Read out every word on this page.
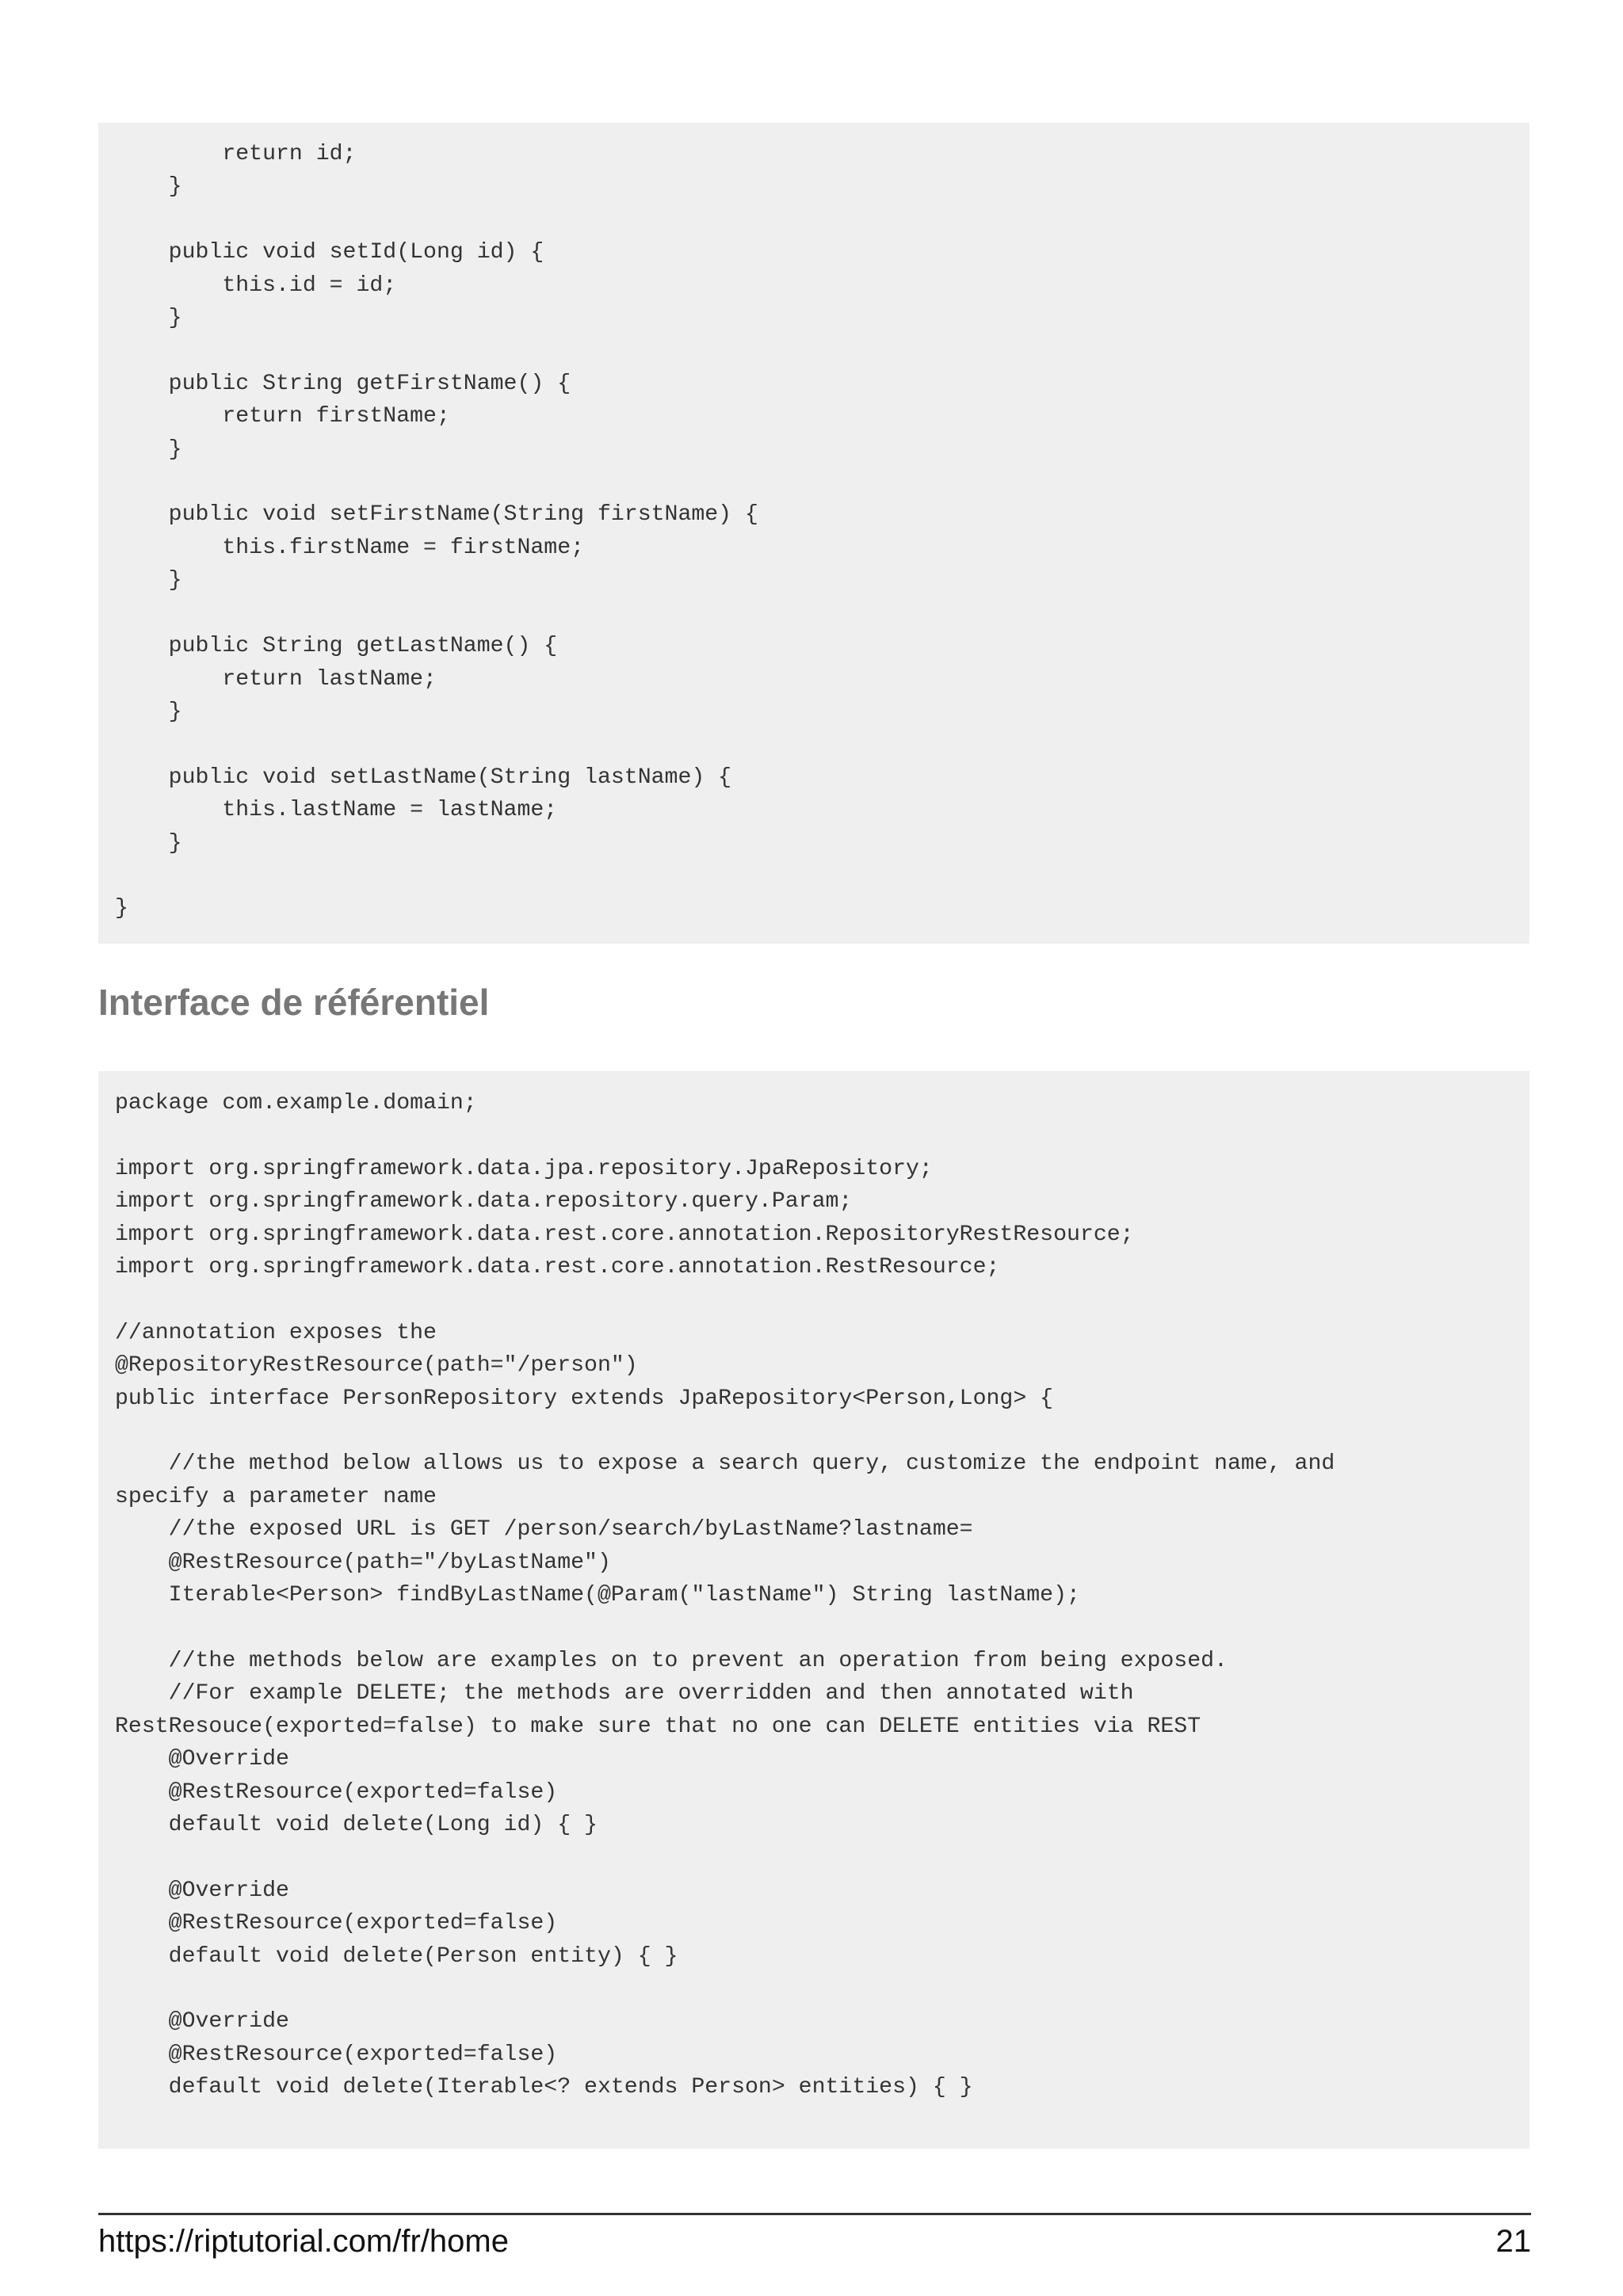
return id;
}

public void setId(Long id) {
this.id = id;
}

public String getFirstName() {
return firstName;
}

public void setFirstName(String firstName) {
this.firstName = firstName;
}

public String getLastName() {
return lastName;
}

public void setLastName(String lastName) {
this.lastName = lastName;
}

}
Interface de référentiel
package com.example.domain;

import org.springframework.data.jpa.repository.JpaRepository;
import org.springframework.data.repository.query.Param;
import org.springframework.data.rest.core.annotation.RepositoryRestResource;
import org.springframework.data.rest.core.annotation.RestResource;

//annotation exposes the
@RepositoryRestResource(path="/person")
public interface PersonRepository extends JpaRepository<Person,Long> {

//the method below allows us to expose a search query, customize the endpoint name, and
specify a parameter name
//the exposed URL is GET /person/search/byLastName?lastname=
@RestResource(path="/byLastName")
Iterable<Person> findByLastName(@Param("lastName") String lastName);

//the methods below are examples on to prevent an operation from being exposed.
//For example DELETE; the methods are overridden and then annotated with
RestResouce(exported=false) to make sure that no one can DELETE entities via REST
@Override
@RestResource(exported=false)
default void delete(Long id) { }

@Override
@RestResource(exported=false)
default void delete(Person entity) { }

@Override
@RestResource(exported=false)
default void delete(Iterable<? extends Person> entities) { }
https://riptutorial.com/fr/home	21
